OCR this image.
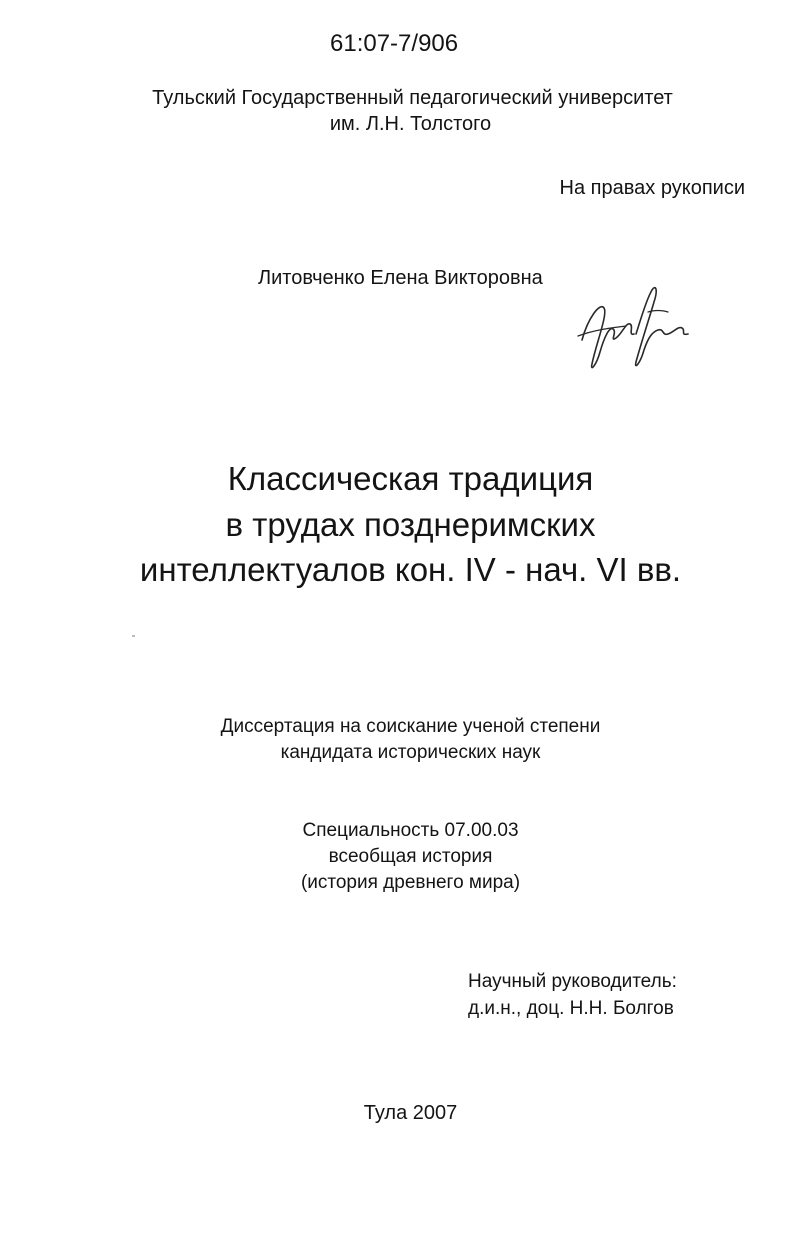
61:07-7/906
Тульский Государственный педагогический университет
им. Л.Н. Толстого
На правах рукописи
Литовченко Елена Викторовна
Классическая традиция
в трудах позднеримских
интеллектуалов кон. IV - нач. VI вв.
Диссертация на соискание ученой степени
кандидата исторических наук
Специальность 07.00.03
всеобщая история
(история древнего мира)
Научный руководитель:
д.и.н., доц. Н.Н. Болгов
Тула 2007
